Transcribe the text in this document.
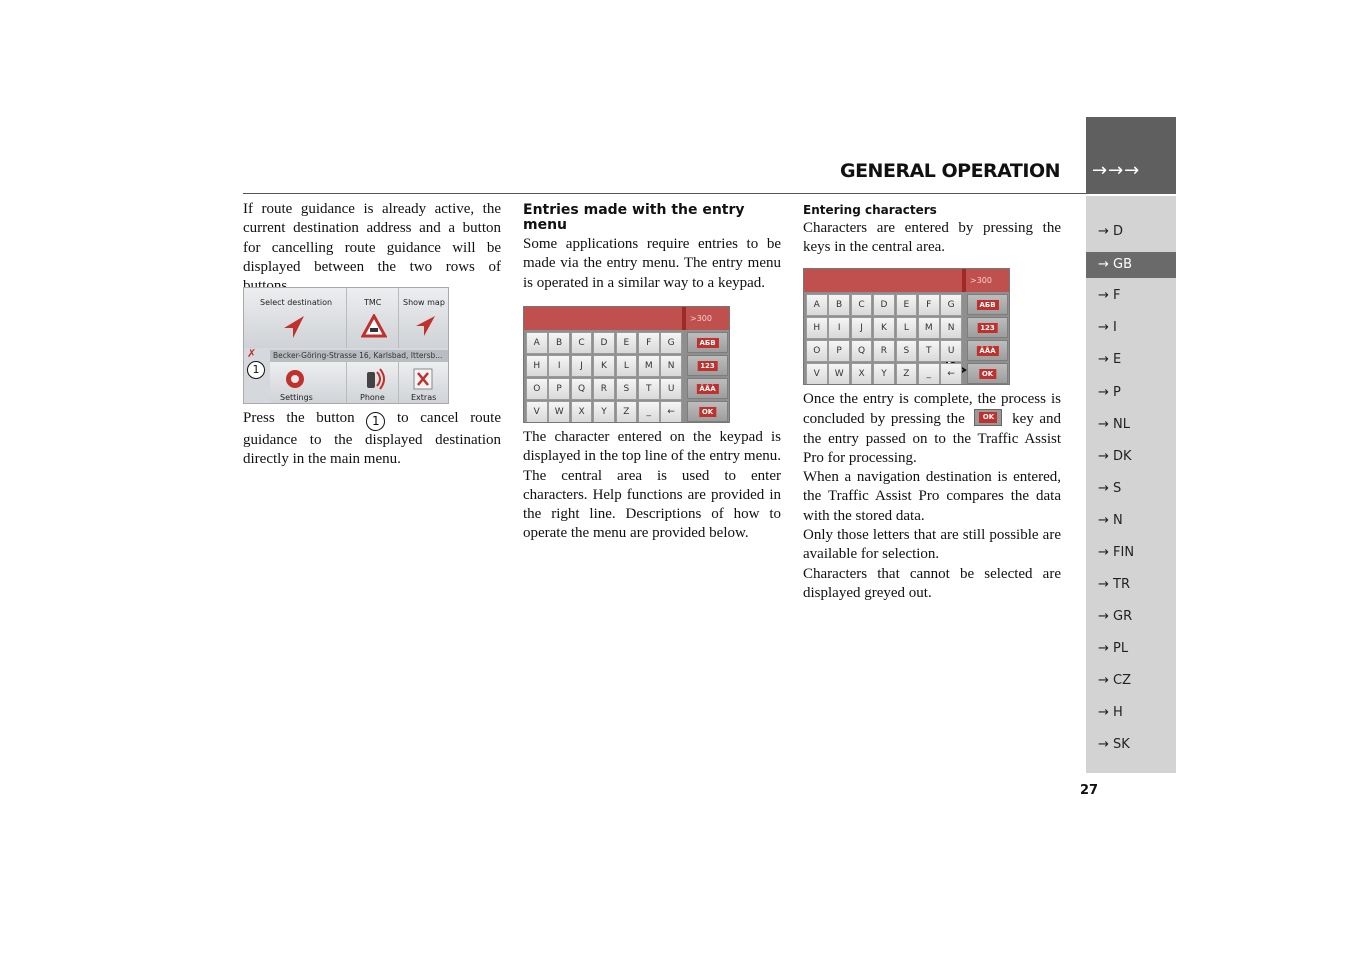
→→→
GENERAL OPERATION
→ D
→ GB
→ F
→ I
→ E
→ P
→ NL
→ DK
→ S
→ N
→ FIN
→ TR
→ GR
→ PL
→ CZ
→ H
→ SK
27

If route guidance is already active, the current destination address and a button for cancelling route guidance will be displayed between the two rows of

Select destination	TMC	Show map
✗	Becker-Göring-Strasse 16, Karlsbad, Ittersb...
1
Settings	Phone	Extras

Press the button 1 to cancel route guidance to the displayed destination directly in the main menu.

Entries made with the entry menu

Some applications require entries to be made via the entry menu. The entry menu is operated in a similar way to a keypad.

>300
A	B	C	D	E	F	G
H	I	J	K	L	M	N
O	P	Q	R	S	T	U
V	W	X	Y	Z	_	←
АБВ
123
ÄÅÀ
OK

The character entered on the keypad is displayed in the top line of the entry menu. The central area is used to enter characters. Help functions are provided in the right line. Descriptions of how to operate the menu are provided below.

Entering characters

Characters are entered by pressing the keys in the central area.

>300
A	B	C	D	E	F	G
H	I	J	K	L	M	N
O	P	Q	R	S	T	U
V	W	X	Y	Z	_	←
АБВ
123
ÄÅÀ
OK

Once the entry is complete, the process is concluded by pressing the	OK key and the entry passed on to the Traffic Assist Pro for processing.

When a navigation destination is entered, the Traffic Assist Pro compares the data with the stored data.

Only those letters that are still possible are available for selection.

Characters that cannot be selected are displayed greyed out.
